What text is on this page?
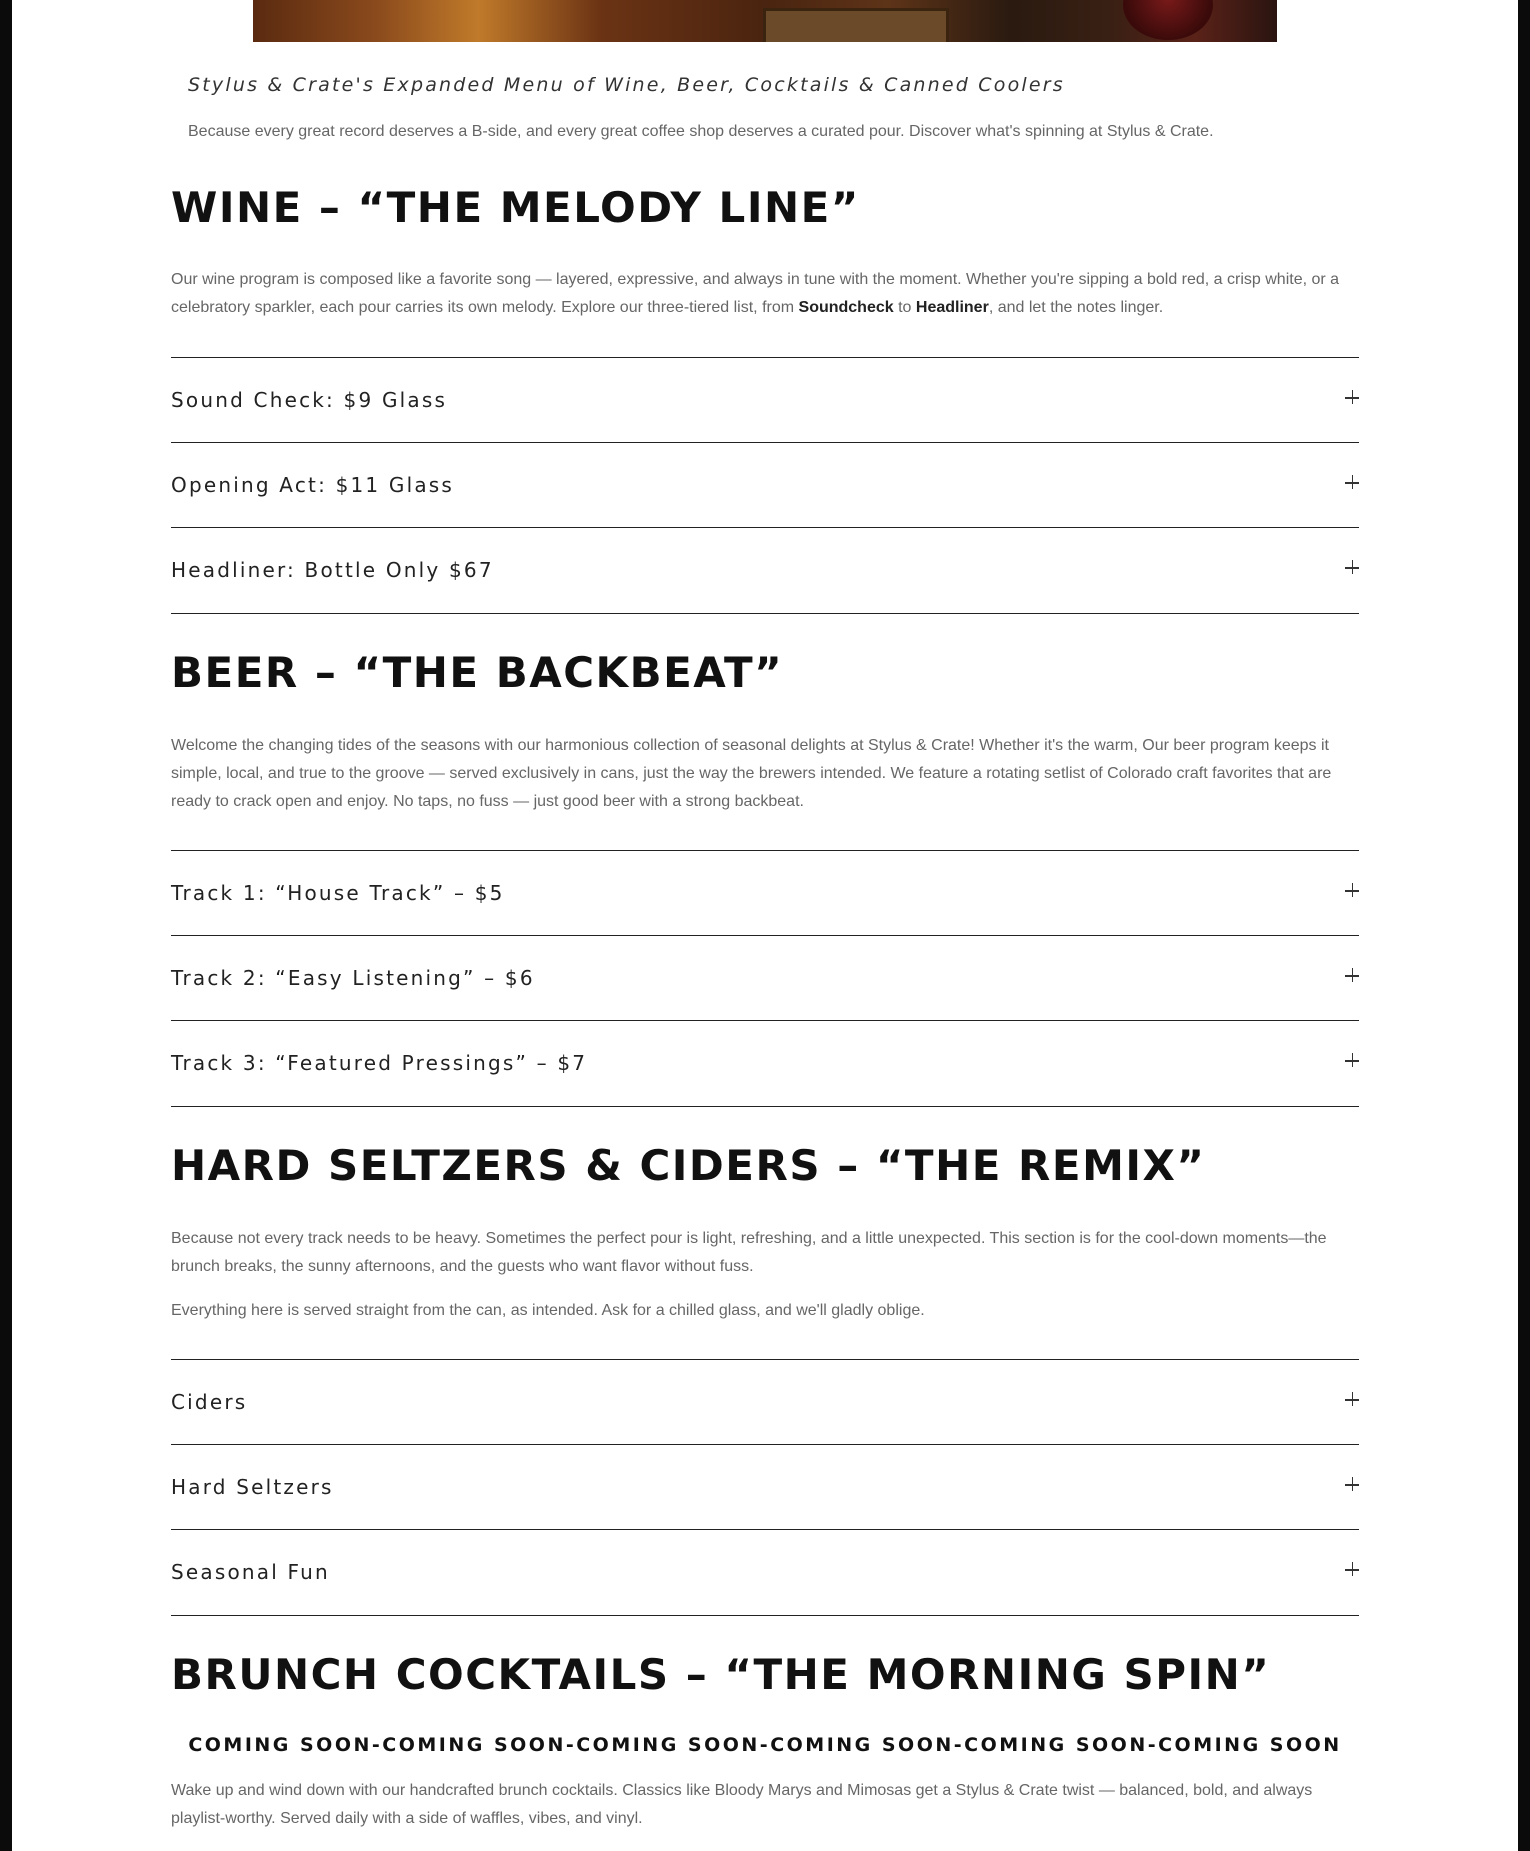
Stylus & Crate's Expanded Menu of Wine, Beer, Cocktails & Canned Coolers
Because every great record deserves a B-side, and every great coffee shop deserves a curated pour. Discover what's spinning at Stylus & Crate.
WINE – “THE MELODY LINE”

Our wine program is composed like a favorite song — layered, expressive, and always in tune with the moment. Whether you're sipping a bold red, a crisp white, or a celebratory sparkler, each pour carries its own melody. Explore our three-tiered list, from Soundcheck to Headliner, and let the notes linger.

Sound Check: $9 Glass
Opening Act: $11 Glass
Headliner: Bottle Only $67
BEER – “THE BACKBEAT”

Welcome the changing tides of the seasons with our harmonious collection of seasonal delights at Stylus & Crate! Whether it's the warm, Our beer program keeps it simple, local, and true to the groove — served exclusively in cans, just the way the brewers intended. We feature a rotating setlist of Colorado craft favorites that are ready to crack open and enjoy. No taps, no fuss — just good beer with a strong backbeat.

Track 1: “House Track” – $5
Track 2: “Easy Listening” – $6
Track 3: “Featured Pressings” – $7
HARD SELTZERS & CIDERS – “THE REMIX”

Because not every track needs to be heavy. Sometimes the perfect pour is light, refreshing, and a little unexpected. This section is for the cool-down moments—the brunch breaks, the sunny afternoons, and the guests who want flavor without fuss.

Everything here is served straight from the can, as intended. Ask for a chilled glass, and we'll gladly oblige.

Ciders
Hard Seltzers
Seasonal Fun
BRUNCH COCKTAILS – “THE MORNING SPIN”
COMING SOON-COMING SOON-COMING SOON-COMING SOON-COMING SOON-COMING SOON

Wake up and wind down with our handcrafted brunch cocktails. Classics like Bloody Marys and Mimosas get a Stylus & Crate twist — balanced, bold, and always playlist-worthy. Served daily with a side of waffles, vibes, and vinyl.
